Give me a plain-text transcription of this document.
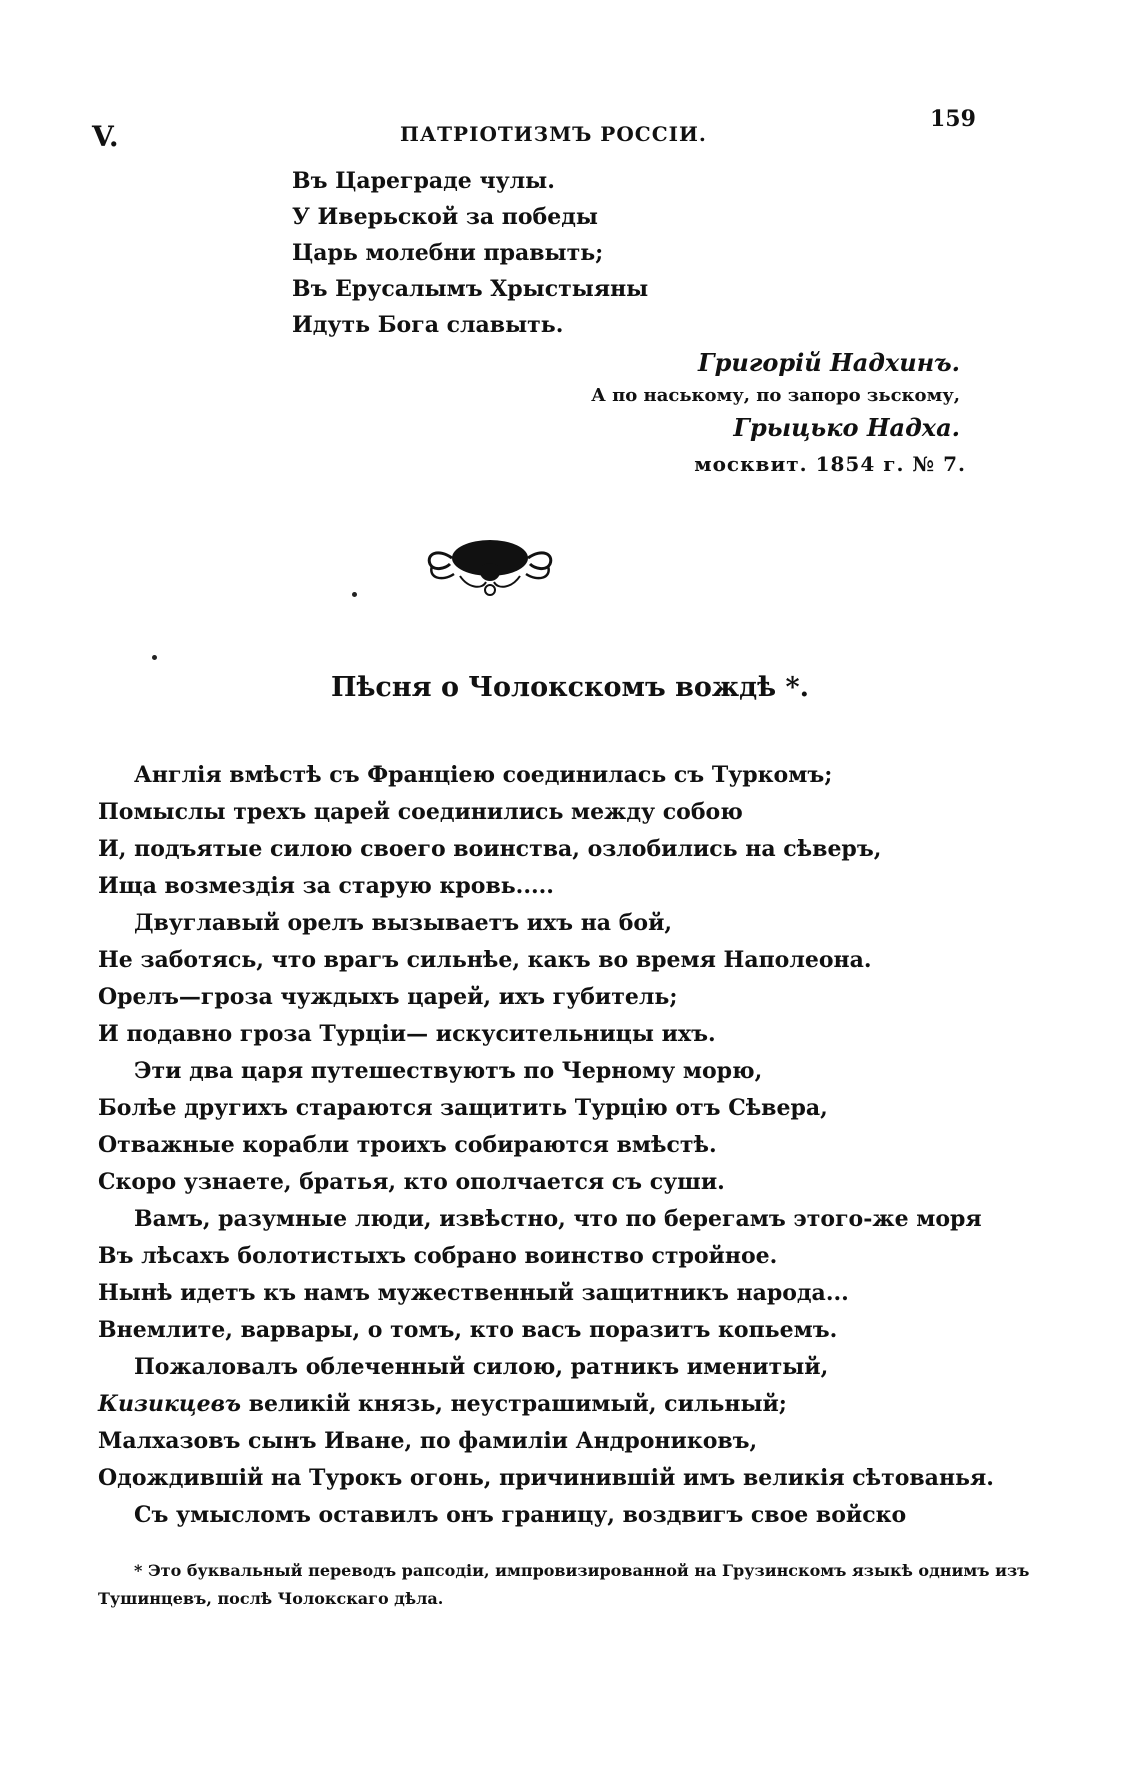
V.	ПАТРІОТИЗМЪ РОССІИ.
159
Въ Цареграде чулы.
У Иверьской за победы
Царь молебни правыть;
Въ Ерусалымъ Хрыстыяны
Идуть Бога славыть.
Григорій Надхинъ.
А по наському, по запоро зьскому,
Грыцько Надха.
москвит. 1854 г. № 7.
Пѣсня о Чолокскомъ вождѣ *.
Англія вмѣстѣ съ Франціею соединилась съ Туркомъ;
Помыслы трехъ царей соединились между собою
И, подъятые силою своего воинства, озлобились на сѣверъ,
Ища возмездія за старую кровь.....
Двуглавый орелъ вызываетъ ихъ на бой,
Не заботясь, что врагъ сильнѣе, какъ во время Наполеона.
Орелъ—гроза чуждыхъ царей, ихъ губитель;
И подавно гроза Турціи— искусительницы ихъ.
Эти два царя путешествуютъ по Черному морю,
Болѣе другихъ стараются защитить Турцію отъ Сѣвера,
Отважные корабли троихъ собираются вмѣстѣ.
Скоро узнаете, братья, кто ополчается съ суши.
Вамъ, разумные люди, извѣстно, что по берегамъ этого-же моря
Въ лѣсахъ болотистыхъ собрано воинство стройное.
Нынѣ идетъ къ намъ мужественный защитникъ народа...
Внемлите, варвары, о томъ, кто васъ поразитъ копьемъ.
Пожаловалъ облеченный силою, ратникъ именитый,
Кизикцевъ великій князь, неустрашимый, сильный;
Малхазовъ сынъ Иване, по фамиліи Андрониковъ,
Одождившій на Турокъ огонь, причинившій имъ великія сѣтованья.
Съ умысломъ оставилъ онъ границу, воздвигъ свое войско
* Это буквальный переводъ рапсодіи, импровизированной на Грузинскомъ языкѣ однимъ изъ
Тушинцевъ, послѣ Чолокскаго дѣла.
